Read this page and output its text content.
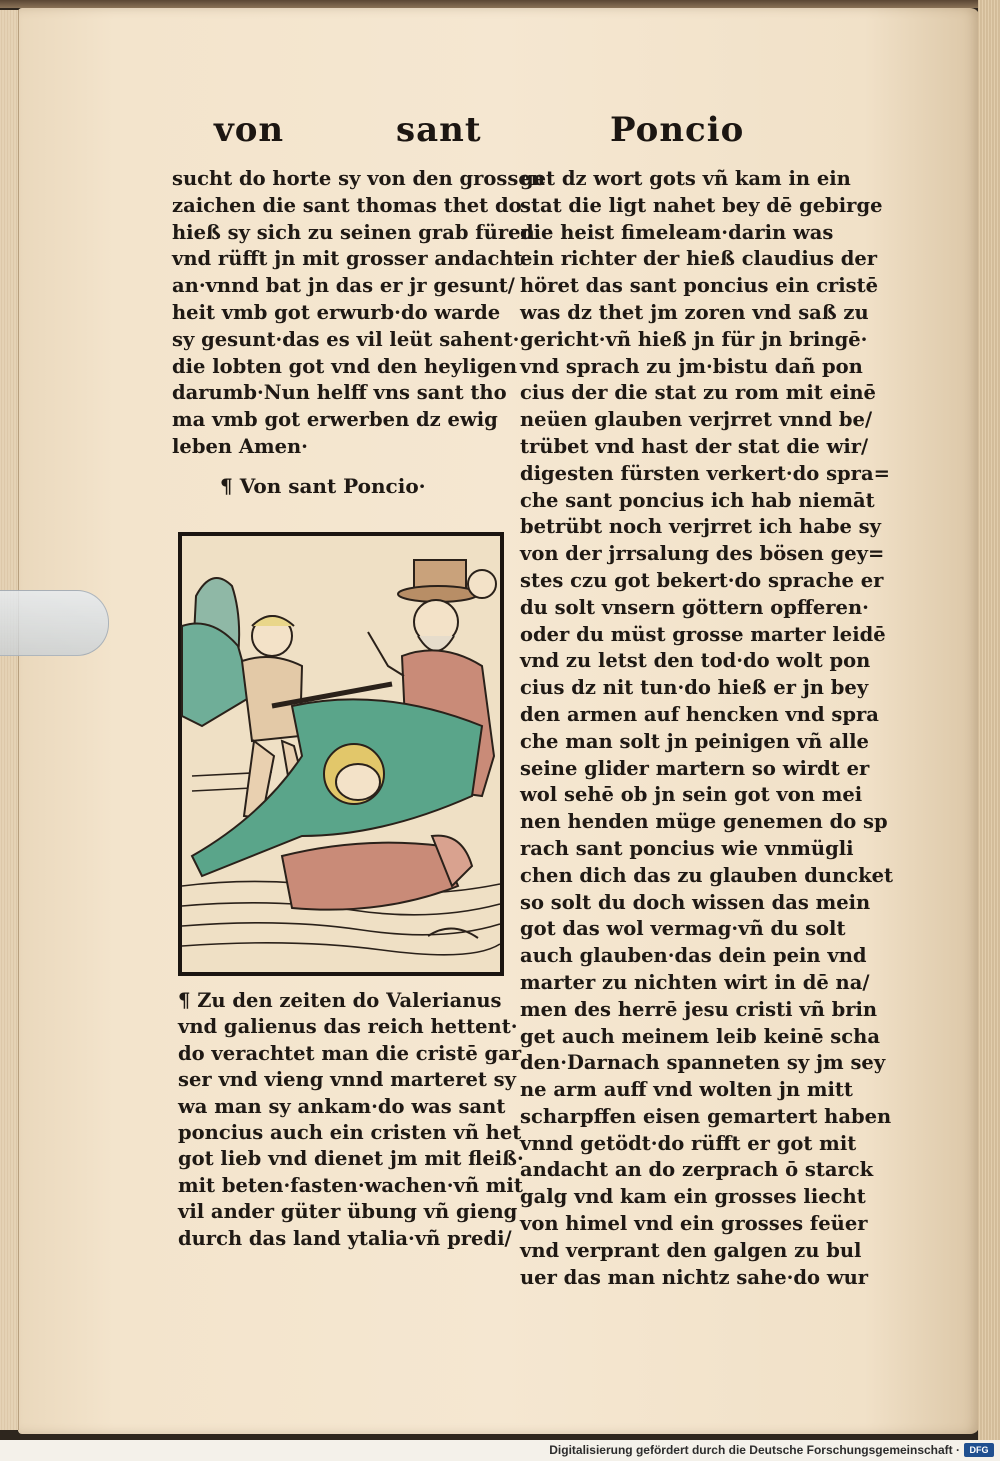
von	sant	Poncio
sucht do horte sy von den grossen
zaichen die sant thomas thet do
hieß sy sich zu seinen grab füren
vnd rüfft jn mit grosser andacht
an·vnnd bat jn das er jr gesunt/
heit vmb got erwurb·do warde
sy gesunt·das es vil leüt sahent·
die lobten got vnd den heyligen
darumb·Nun helff vns sant tho
ma vmb got erwerben dz ewig
leben Amen·
¶ Von sant Poncio·
¶ Zu den zeiten do Valerianus
vnd galienus das reich hettent·
do verachtet man die cristē gar
ser vnd vieng vnnd marteret sy
wa man sy ankam·do was sant
poncius auch ein cristen vñ het
got lieb vnd dienet jm mit fleiß·
mit beten·fasten·wachen·vñ mit
vil ander güter übung vñ gieng
durch das land ytalia·vñ predi/
get dz wort gots vñ kam in ein
stat die ligt nahet bey dē gebirge
die heist fimeleam·darin was
ein richter der hieß claudius der
höret das sant poncius ein cristē
was dz thet jm zoren vnd saß zu
gericht·vñ hieß jn für jn bringē·
vnd sprach zu jm·bistu dañ pon
cius der die stat zu rom mit einē
neüen glauben verjrret vnnd be/
trübet vnd hast der stat die wir/
digesten fürsten verkert·do spra=
che sant poncius ich hab niemāt
betrübt noch verjrret ich habe sy
von der jrrsalung des bösen gey=
stes czu got bekert·do sprache er
du solt vnsern göttern opfferen·
oder du müst grosse marter leidē
vnd zu letst den tod·do wolt pon
cius dz nit tun·do hieß er jn bey
den armen auf hencken vnd spra
che man solt jn peinigen vñ alle
seine glider martern so wirdt er
wol sehē ob jn sein got von mei
nen henden müge genemen do sp
rach sant poncius wie vnmügli
chen dich das zu glauben duncket
so solt du doch wissen das mein
got das wol vermag·vñ du solt
auch glauben·das dein pein vnd
marter zu nichten wirt in dē na/
men des herrē jesu cristi vñ brin
get auch meinem leib keinē scha
den·Darnach spanneten sy jm sey
ne arm auff vnd wolten jn mitt
scharpffen eisen gemartert haben
vnnd getödt·do rüfft er got mit
andacht an do zerprach ō starck
galg vnd kam ein grosses liecht
von himel vnd ein grosses feüer
vnd verprant den galgen zu bul
uer das man nichtz sahe·do wur
Digitalisierung gefördert durch die Deutsche Forschungsgemeinschaft ·	DFG
